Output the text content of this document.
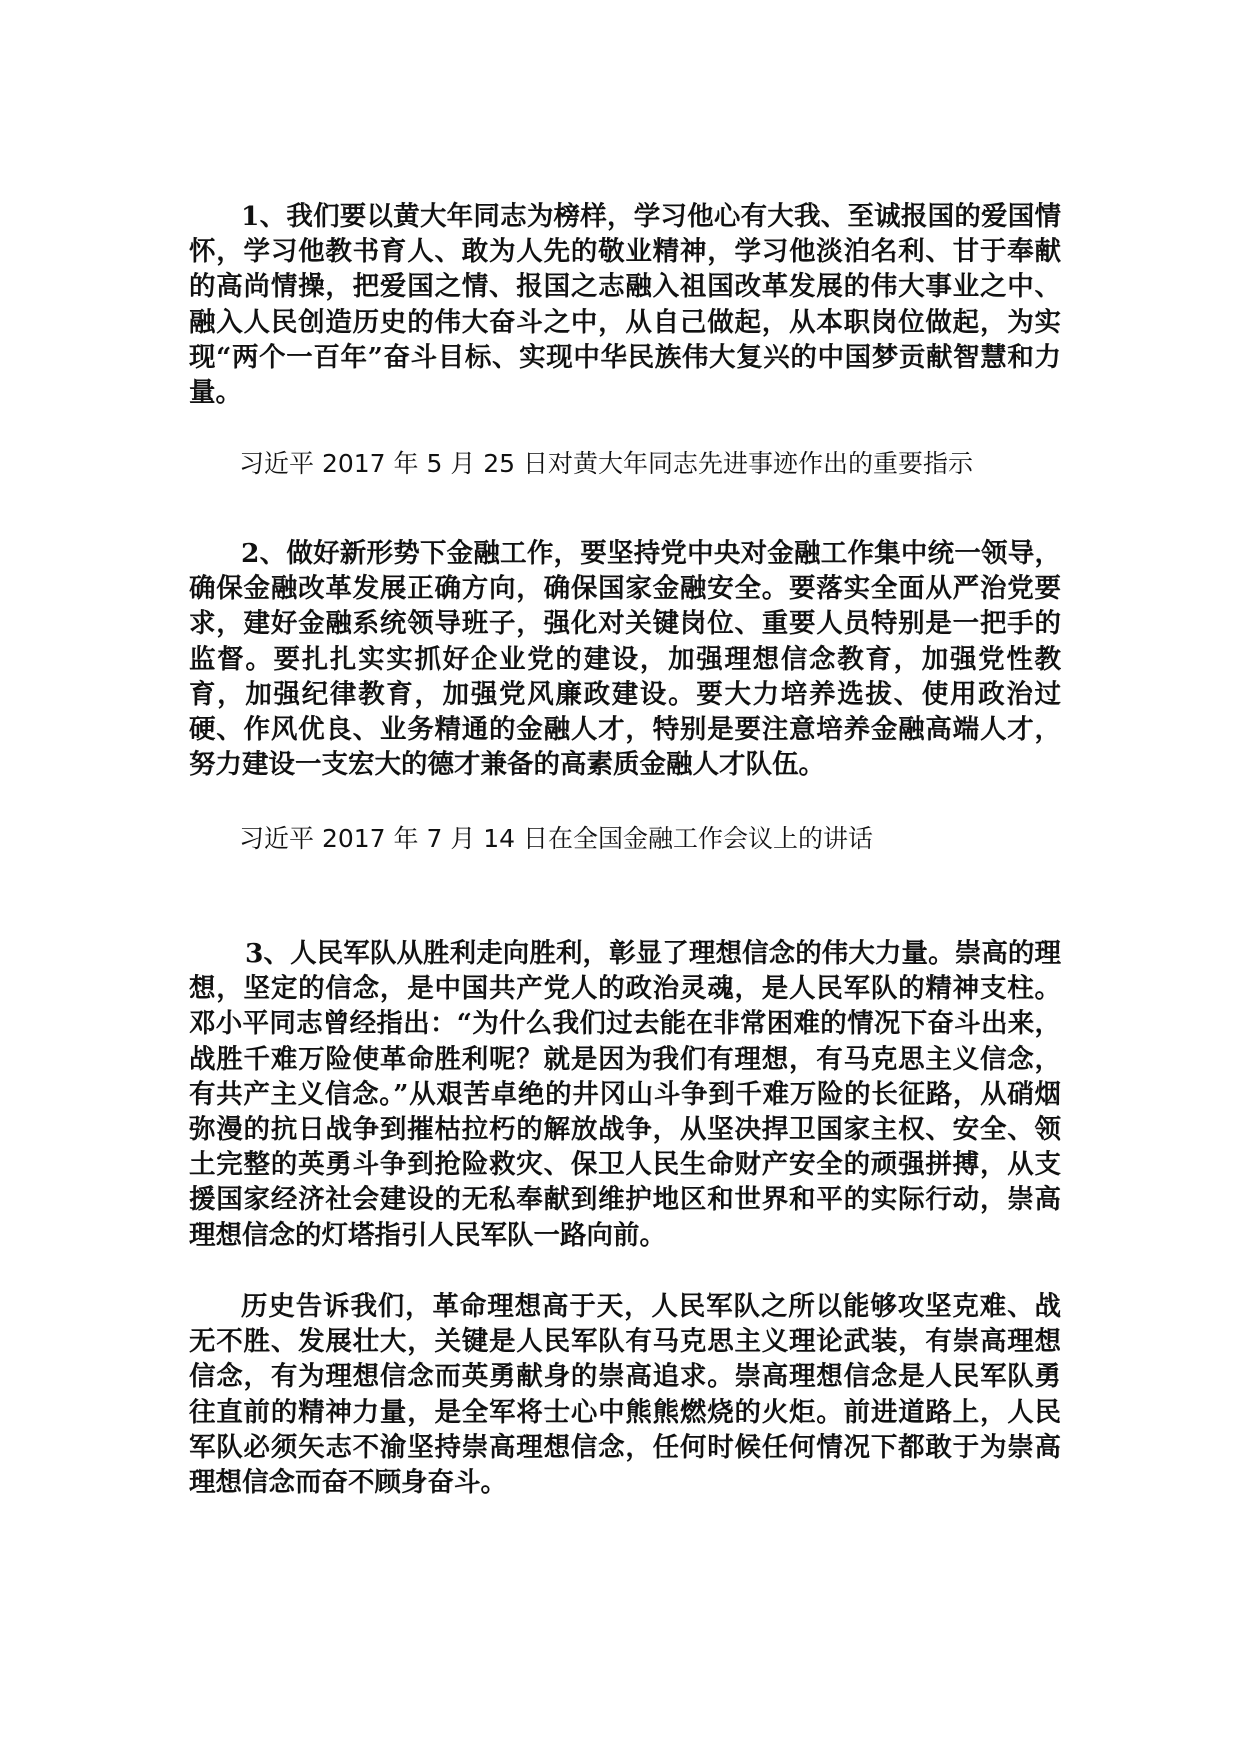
1、我们要以黄大年同志为榜样，学习他心有大我、至诚报国的爱国情怀，学习他教书育人、敢为人先的敬业精神，学习他淡泊名利、甘于奉献的高尚情操，把爱国之情、报国之志融入祖国改革发展的伟大事业之中、融入人民创造历史的伟大奋斗之中，从自己做起，从本职岗位做起，为实现“两个一百年”奋斗目标、实现中华民族伟大复兴的中国梦贡献智慧和力量。

习近平 2017 年 5 月 25 日对黄大年同志先进事迹作出的重要指示

2、做好新形势下金融工作，要坚持党中央对金融工作集中统一领导，确保金融改革发展正确方向，确保国家金融安全。要落实全面从严治党要求，建好金融系统领导班子，强化对关键岗位、重要人员特别是一把手的监督。要扎扎实实抓好企业党的建设，加强理想信念教育，加强党性教育，加强纪律教育，加强党风廉政建设。要大力培养选拔、使用政治过硬、作风优良、业务精通的金融人才，特别是要注意培养金融高端人才，努力建设一支宏大的德才兼备的高素质金融人才队伍。

习近平 2017 年 7 月 14 日在全国金融工作会议上的讲话

3、人民军队从胜利走向胜利，彰显了理想信念的伟大力量。崇高的理想，坚定的信念，是中国共产党人的政治灵魂，是人民军队的精神支柱。邓小平同志曾经指出：“为什么我们过去能在非常困难的情况下奋斗出来，战胜千难万险使革命胜利呢？就是因为我们有理想，有马克思主义信念，有共产主义信念。”从艰苦卓绝的井冈山斗争到千难万险的长征路，从硝烟弥漫的抗日战争到摧枯拉朽的解放战争，从坚决捍卫国家主权、安全、领土完整的英勇斗争到抢险救灾、保卫人民生命财产安全的顽强拼搏，从支援国家经济社会建设的无私奉献到维护地区和世界和平的实际行动，崇高理想信念的灯塔指引人民军队一路向前。

历史告诉我们，革命理想高于天，人民军队之所以能够攻坚克难、战无不胜、发展壮大，关键是人民军队有马克思主义理论武装，有崇高理想信念，有为理想信念而英勇献身的崇高追求。崇高理想信念是人民军队勇往直前的精神力量，是全军将士心中熊熊燃烧的火炬。前进道路上，人民军队必须矢志不渝坚持崇高理想信念，任何时候任何情况下都敢于为崇高理想信念而奋不顾身奋斗。
